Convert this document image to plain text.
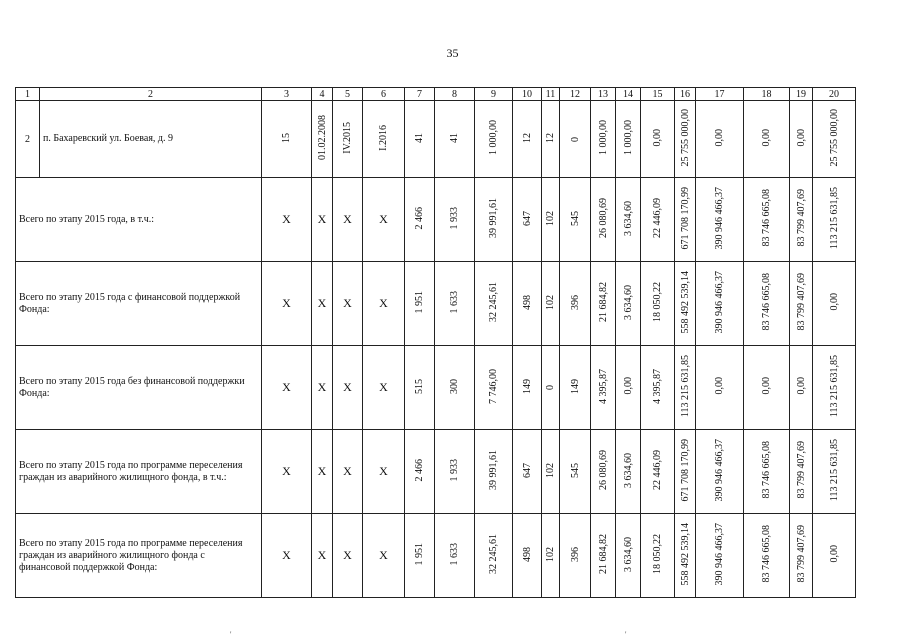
35
1	2	3	4	5	6	7	8	9	10	11	12	13	14	15	16	17	18	19	20
2	п. Бахаревский ул. Боевая, д. 9	15	01.02.2008	IV.2015	I.2016	41	41	1 000,00	12	12	0	1 000,00	1 000,00	0,00	25 755 000,00	0,00	0,00	0,00	25 755 000,00
Всего по этапу 2015 года, в т.ч.:		X	X	X	X	2 466	1 933	39 991,61	647	102	545	26 080,69	3 634,60	22 446,09	671 708 170,99	390 946 466,37	83 746 665,08	83 799 407,69	113 215 631,85
Всего по этапу 2015 года с финансовой поддержкой Фонда:		X	X	X	X	1 951	1 633	32 245,61	498	102	396	21 684,82	3 634,60	18 050,22	558 492 539,14	390 946 466,37	83 746 665,08	83 799 407,69	0,00
Всего по этапу 2015 года без финансовой поддержки Фонда:		X	X	X	X	515	300	7 746,00	149	0	149	4 395,87	0,00	4 395,87	113 215 631,85	0,00	0,00	0,00	113 215 631,85
Всего по этапу 2015 года по программе переселения граждан из аварийного жилищного фонда, в т.ч.:		X	X	X	X	2 466	1 933	39 991,61	647	102	545	26 080,69	3 634,60	22 446,09	671 708 170,99	390 946 466,37	83 746 665,08	83 799 407,69	113 215 631,85
Всего по этапу 2015 года по программе переселения граждан из аварийного жилищного фонда с финансовой поддержкой Фонда:		X	X	X	X	1 951	1 633	32 245,61	498	102	396	21 684,82	3 634,60	18 050,22	558 492 539,14	390 946 466,37	83 746 665,08	83 799 407,69	0,00
'	'
